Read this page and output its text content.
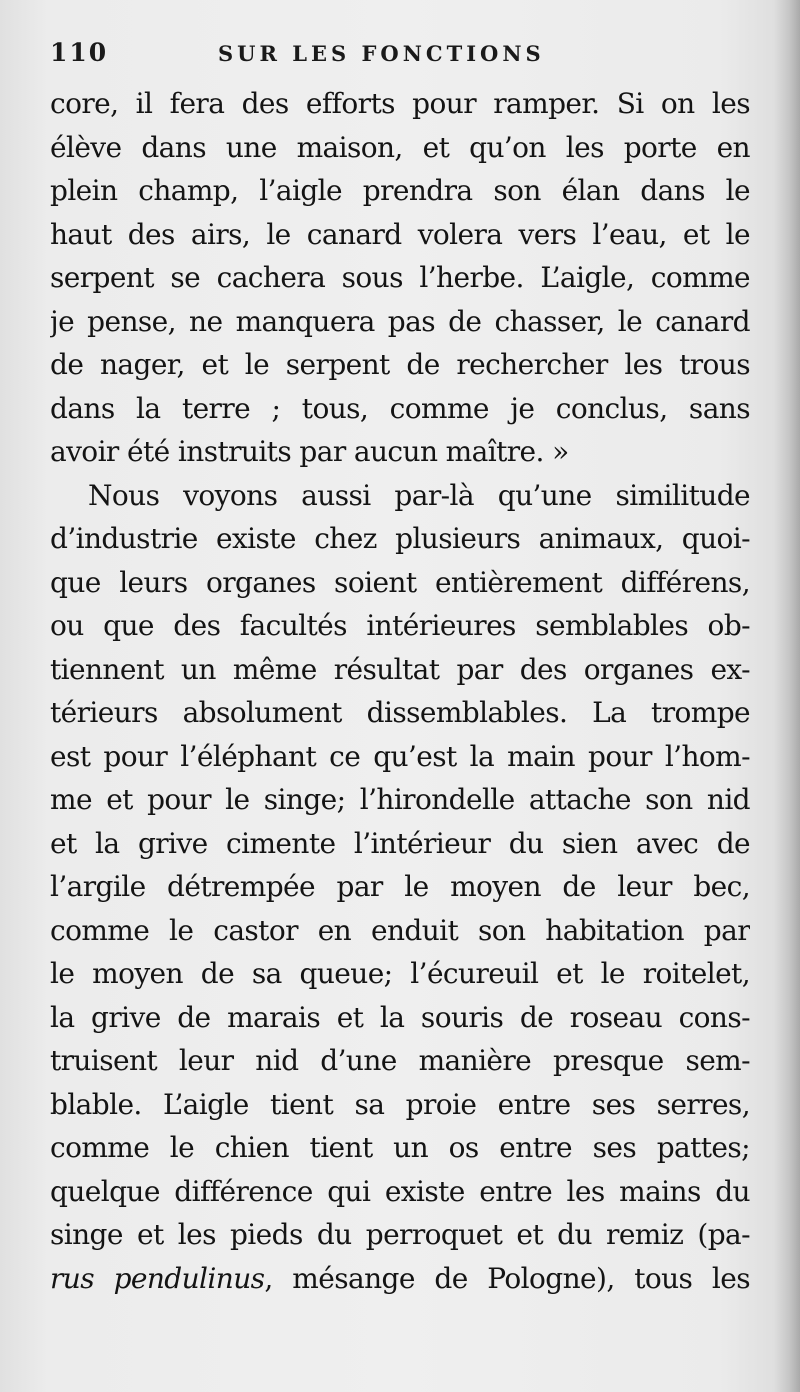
110	SUR LES FONCTIONS
core, il fera des efforts pour ramper. Si on les
élève dans une maison, et qu’on les porte en
plein champ, l’aigle prendra son élan dans le
haut des airs, le canard volera vers l’eau, et le
serpent se cachera sous l’herbe. L’aigle, comme
je pense, ne manquera pas de chasser, le canard
de nager, et le serpent de rechercher les trous
dans la terre ; tous, comme je conclus, sans
avoir été instruits par aucun maître. »
Nous voyons aussi par-là qu’une similitude
d’industrie existe chez plusieurs animaux, quoi-
que leurs organes soient entièrement différens,
ou que des facultés intérieures semblables ob-
tiennent un même résultat par des organes ex-
térieurs absolument dissemblables. La trompe
est pour l’éléphant ce qu’est la main pour l’hom-
me et pour le singe; l’hirondelle attache son nid
et la grive cimente l’intérieur du sien avec de
l’argile détrempée par le moyen de leur bec,
comme le castor en enduit son habitation par
le moyen de sa queue; l’écureuil et le roitelet,
la grive de marais et la souris de roseau cons-
truisent leur nid d’une manière presque sem-
blable. L’aigle tient sa proie entre ses serres,
comme le chien tient un os entre ses pattes;
quelque différence qui existe entre les mains du
singe et les pieds du perroquet et du remiz (pa-
rus pendulinus, mésange de Pologne), tous les
